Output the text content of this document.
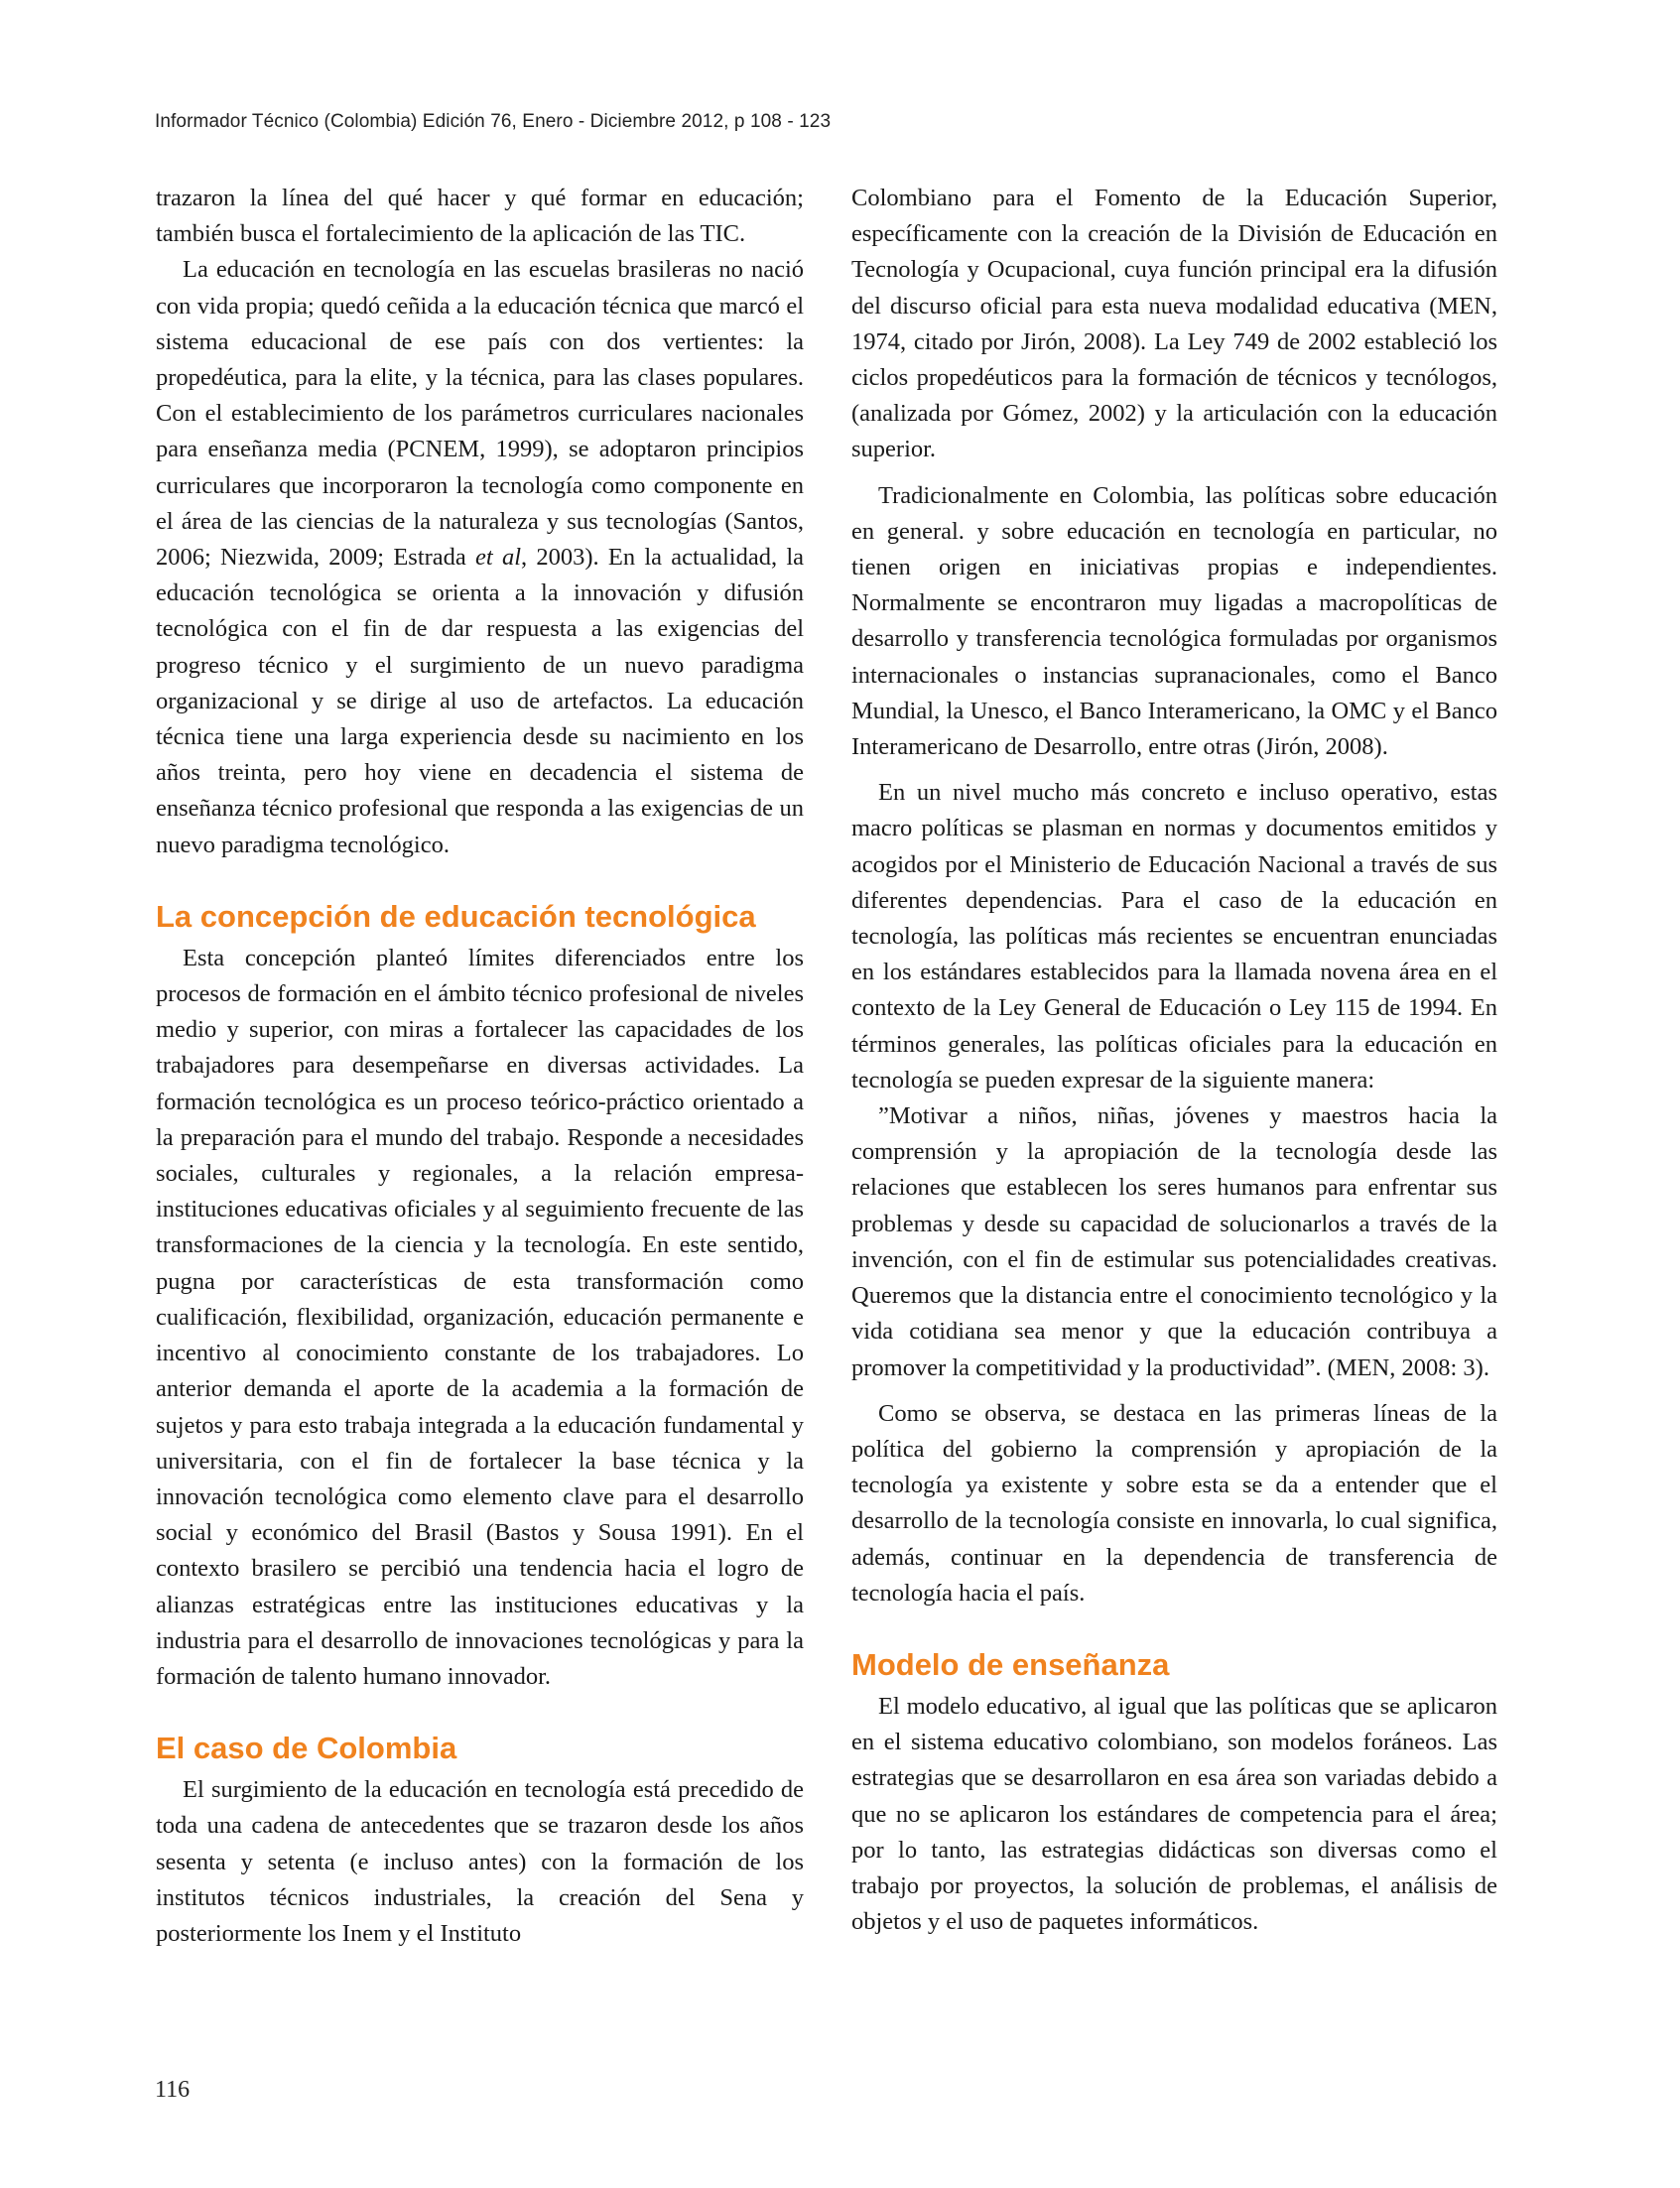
Informador Técnico (Colombia) Edición 76, Enero - Diciembre 2012, p 108 - 123

trazaron la línea del qué hacer y qué formar en educación; también busca el fortalecimiento de la aplicación de las TIC.

La educación en tecnología en las escuelas brasileras no nació con vida propia; quedó ceñida a la educación técnica que marcó el sistema educacional de ese país con dos vertientes: la propedéutica, para la elite, y la técnica, para las clases populares. Con el establecimiento de los parámetros curriculares nacionales para enseñanza media (PCNEM, 1999), se adoptaron principios curriculares que incorporaron la tecnología como componente en el área de las ciencias de la naturaleza y sus tecnologías (Santos, 2006; Niezwida, 2009; Estrada et al, 2003). En la actualidad, la educación tecnológica se orienta a la innovación y difusión tecnológica con el fin de dar respuesta a las exigencias del progreso técnico y el surgimiento de un nuevo paradigma organizacional y se dirige al uso de artefactos. La educación técnica tiene una larga experiencia desde su nacimiento en los años treinta, pero hoy viene en decadencia el sistema de enseñanza técnico profesional que responda a las exigencias de un nuevo paradigma tecnológico.

La concepción de educación tecnológica

Esta concepción planteó límites diferenciados entre los procesos de formación en el ámbito técnico profesional de niveles medio y superior, con miras a fortalecer las capacidades de los trabajadores para desempeñarse en diversas actividades. La formación tecnológica es un proceso teórico-práctico orientado a la preparación para el mundo del trabajo. Responde a necesidades sociales, culturales y regionales, a la relación empresa- instituciones educativas oficiales y al seguimiento frecuente de las transformaciones de la ciencia y la tecnología. En este sentido, pugna por características de esta transformación como cualificación, flexibilidad, organización, educación permanente e incentivo al conocimiento constante de los trabajadores. Lo anterior demanda el aporte de la academia a la formación de sujetos y para esto trabaja integrada a la educación fundamental y universitaria, con el fin de fortalecer la base técnica y la innovación tecnológica como elemento clave para el desarrollo social y económico del Brasil (Bastos y Sousa 1991). En el contexto brasilero se percibió una tendencia hacia el logro de alianzas estratégicas entre las instituciones educativas y la industria para el desarrollo de innovaciones tecnológicas y para la formación de talento humano innovador.

El caso de Colombia

El surgimiento de la educación en tecnología está precedido de toda una cadena de antecedentes que se trazaron desde los años sesenta y setenta (e incluso antes) con la formación de los institutos técnicos industriales, la creación del Sena y posteriormente los Inem y el Instituto

Colombiano para el Fomento de la Educación Superior, específicamente con la creación de la División de Educación en Tecnología y Ocupacional, cuya función principal era la difusión del discurso oficial para esta nueva modalidad educativa (MEN, 1974, citado por Jirón, 2008). La Ley 749 de 2002 estableció los ciclos propedéuticos para la formación de técnicos y tecnólogos, (analizada por Gómez, 2002) y la articulación con la educación superior.

Tradicionalmente en Colombia, las políticas sobre educación en general. y sobre educación en tecnología en particular, no tienen origen en iniciativas propias e independientes. Normalmente se encontraron muy ligadas a macropolíticas de desarrollo y transferencia tecnológica formuladas por organismos internacionales o instancias supranacionales, como el Banco Mundial, la Unesco, el Banco Interamericano, la OMC y el Banco Interamericano de Desarrollo, entre otras (Jirón, 2008).

En un nivel mucho más concreto e incluso operativo, estas macro políticas se plasman en normas y documentos emitidos y acogidos por el Ministerio de Educación Nacional a través de sus diferentes dependencias. Para el caso de la educación en tecnología, las políticas más recientes se encuentran enunciadas en los estándares establecidos para la llamada novena área en el contexto de la Ley General de Educación o Ley 115 de 1994. En términos generales, las políticas oficiales para la educación en tecnología se pueden expresar de la siguiente manera:

”Motivar a niños, niñas, jóvenes y maestros hacia la comprensión y la apropiación de la tecnología desde las relaciones que establecen los seres humanos para enfrentar sus problemas y desde su capacidad de solucionarlos a través de la invención, con el fin de estimular sus potencialidades creativas. Queremos que la distancia entre el conocimiento tecnológico y la vida cotidiana sea menor y que la educación contribuya a promover la competitividad y la productividad”. (MEN, 2008: 3).

Como se observa, se destaca en las primeras líneas de la política del gobierno la comprensión y apropiación de la tecnología ya existente y sobre esta se da a entender que el desarrollo de la tecnología consiste en innovarla, lo cual significa, además, continuar en la dependencia de transferencia de tecnología hacia el país.

Modelo de enseñanza

El modelo educativo, al igual que las políticas que se aplicaron en el sistema educativo colombiano, son modelos foráneos. Las estrategias que se desarrollaron en esa área son variadas debido a que no se aplicaron los estándares de competencia para el área; por lo tanto, las estrategias didácticas son diversas como el trabajo por proyectos, la solución de problemas, el análisis de objetos y el uso de paquetes informáticos.

116
